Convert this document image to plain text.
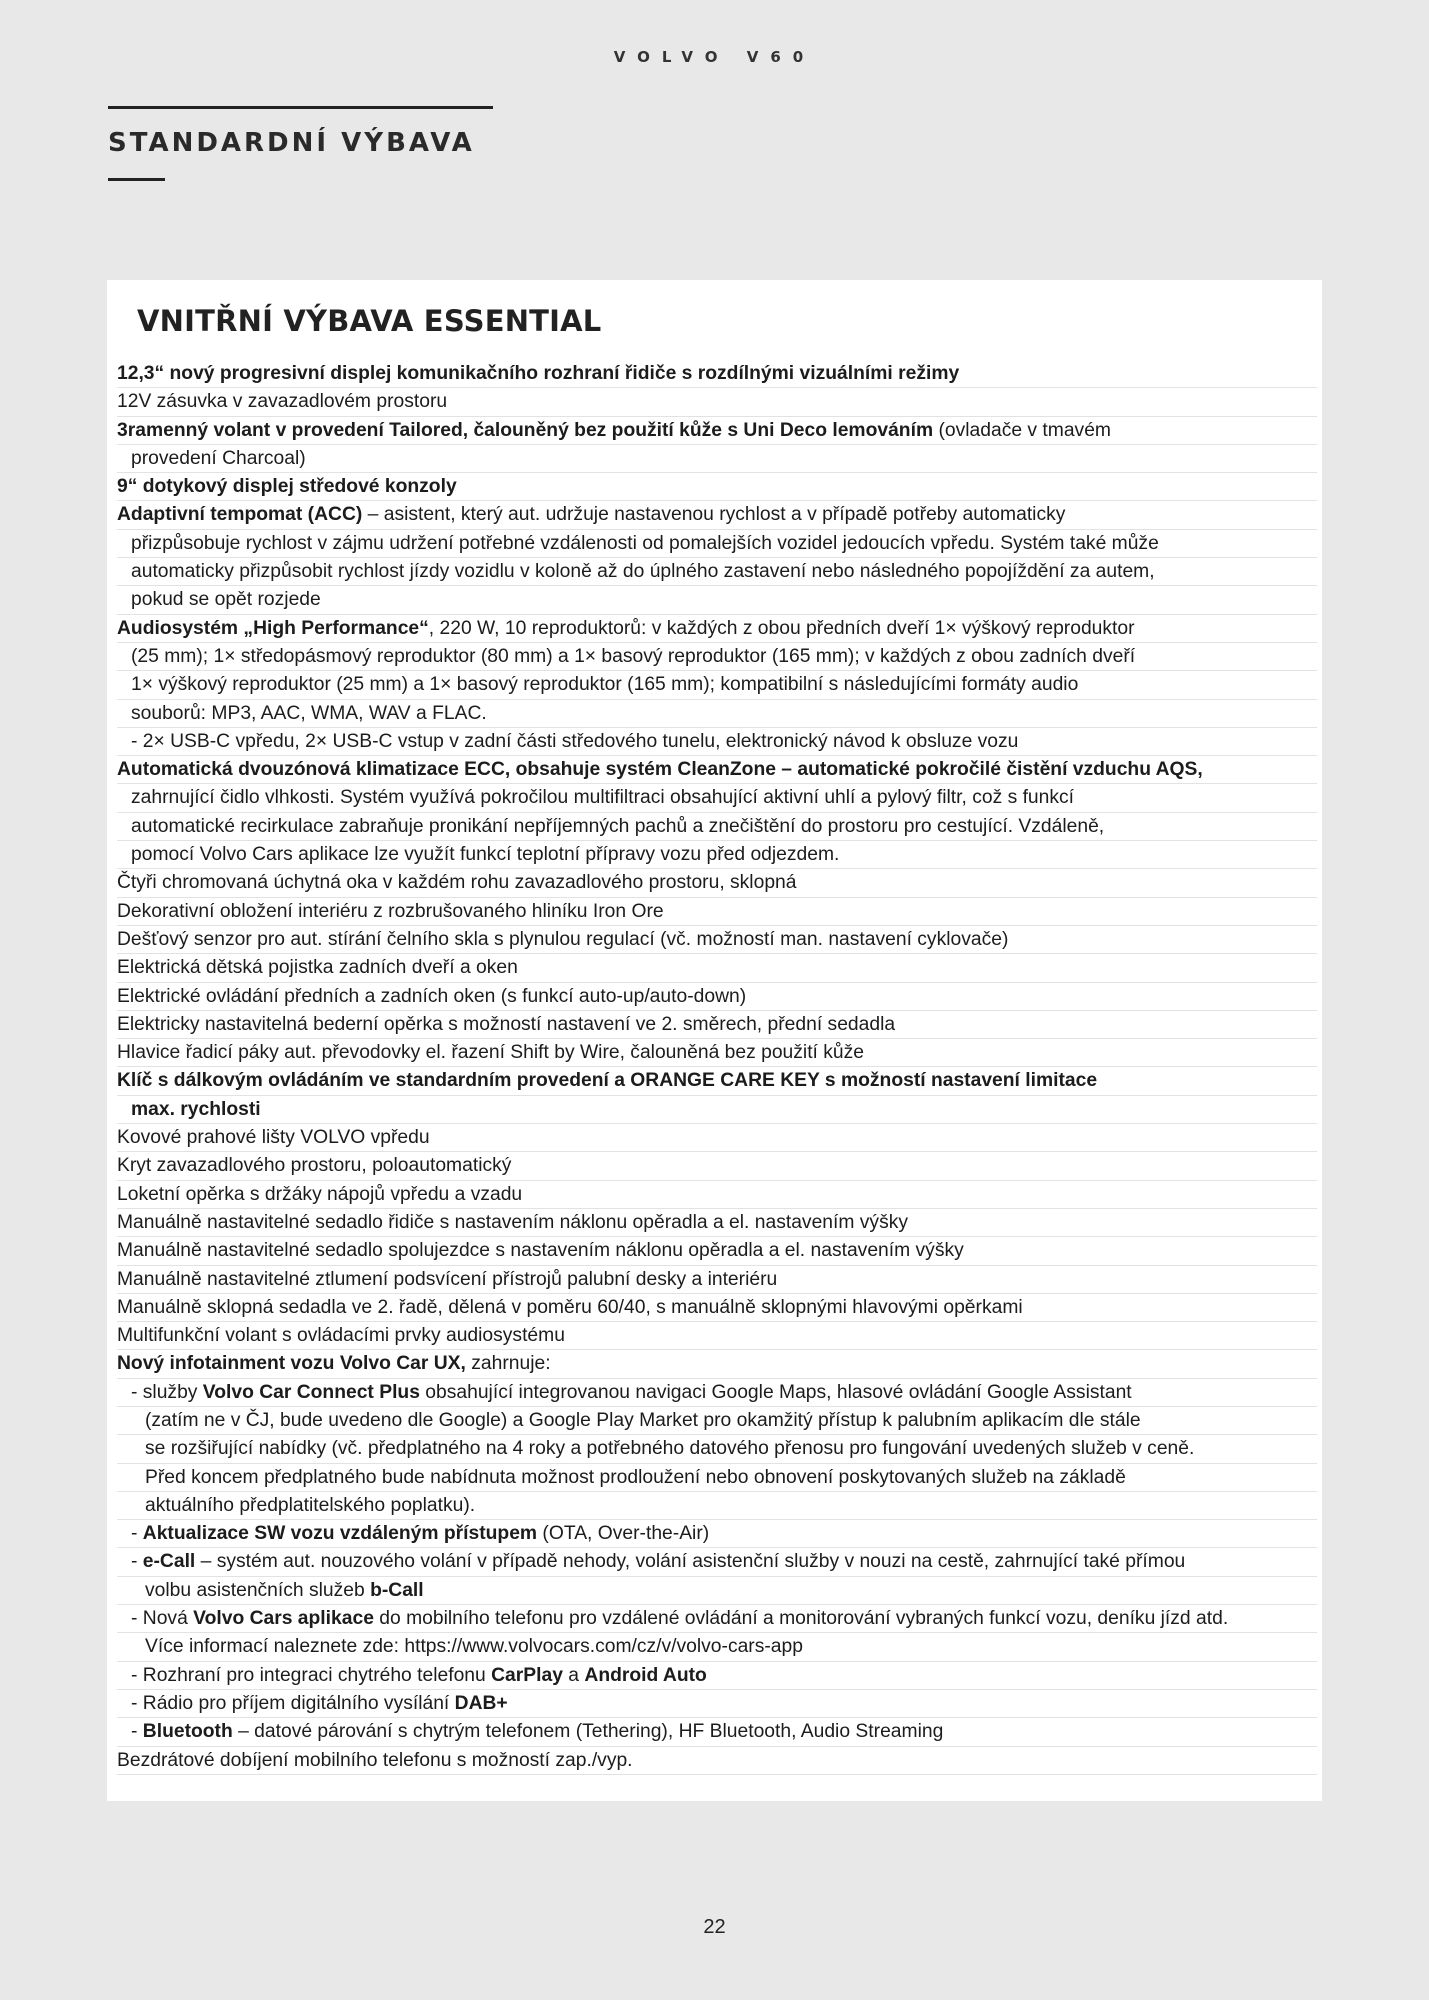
VOLVO V60
STANDARDNÍ VÝBAVA
VNITŘNÍ VÝBAVA ESSENTIAL
12,3“ nový progresivní displej komunikačního rozhraní řidiče s rozdílnými vizuálními režimy
12V zásuvka v zavazadlovém prostoru
3ramenný volant v provedení Tailored, čalouněný bez použití kůže s Uni Deco lemováním (ovladače v tmavém
provedení Charcoal)
9“ dotykový displej středové konzoly
Adaptivní tempomat (ACC) – asistent, který aut. udržuje nastavenou rychlost a v případě potřeby automaticky
přizpůsobuje rychlost v zájmu udržení potřebné vzdálenosti od pomalejších vozidel jedoucích vpředu. Systém také může
automaticky přizpůsobit rychlost jízdy vozidlu v koloně až do úplného zastavení nebo následného popojíždění za autem,
pokud se opět rozjede
Audiosystém „High Performance“, 220 W, 10 reproduktorů: v každých z obou předních dveří 1× výškový reproduktor
(25 mm); 1× středopásmový reproduktor (80 mm) a 1× basový reproduktor (165 mm); v každých z obou zadních dveří
1× výškový reproduktor (25 mm) a 1× basový reproduktor (165 mm); kompatibilní s následujícími formáty audio
souborů: MP3, AAC, WMA, WAV a FLAC.
- 2× USB-C vpředu, 2× USB-C vstup v zadní části středového tunelu, elektronický návod k obsluze vozu
Automatická dvouzónová klimatizace ECC, obsahuje systém CleanZone – automatické pokročilé čistění vzduchu AQS,
zahrnující čidlo vlhkosti. Systém využívá pokročilou multifiltraci obsahující aktivní uhlí a pylový filtr, což s funkcí
automatické recirkulace zabraňuje pronikání nepříjemných pachů a znečištění do prostoru pro cestující. Vzdáleně,
pomocí Volvo Cars aplikace lze využít funkcí teplotní přípravy vozu před odjezdem.
Čtyři chromovaná úchytná oka v každém rohu zavazadlového prostoru, sklopná
Dekorativní obložení interiéru z rozbrušovaného hliníku Iron Ore
Dešťový senzor pro aut. stírání čelního skla s plynulou regulací (vč. možností man. nastavení cyklovače)
Elektrická dětská pojistka zadních dveří a oken
Elektrické ovládání předních a zadních oken (s funkcí auto-up/auto-down)
Elektricky nastavitelná bederní opěrka s možností nastavení ve 2. směrech, přední sedadla
Hlavice řadicí páky aut. převodovky el. řazení Shift by Wire, čalouněná bez použití kůže
Klíč s dálkovým ovládáním ve standardním provedení a ORANGE CARE KEY s možností nastavení limitace
max. rychlosti
Kovové prahové lišty VOLVO vpředu
Kryt zavazadlového prostoru, poloautomatický
Loketní opěrka s držáky nápojů vpředu a vzadu
Manuálně nastavitelné sedadlo řidiče s nastavením náklonu opěradla a el. nastavením výšky
Manuálně nastavitelné sedadlo spolujezdce s nastavením náklonu opěradla a el. nastavením výšky
Manuálně nastavitelné ztlumení podsvícení přístrojů palubní desky a interiéru
Manuálně sklopná sedadla ve 2. řadě, dělená v poměru 60/40, s manuálně sklopnými hlavovými opěrkami
Multifunkční volant s ovládacími prvky audiosystému
Nový infotainment vozu Volvo Car UX, zahrnuje:
- služby Volvo Car Connect Plus obsahující integrovanou navigaci Google Maps, hlasové ovládání Google Assistant
(zatím ne v ČJ, bude uvedeno dle Google) a Google Play Market pro okamžitý přístup k palubním aplikacím dle stále
se rozšiřující nabídky (vč. předplatného na 4 roky a potřebného datového přenosu pro fungování uvedených služeb v ceně.
Před koncem předplatného bude nabídnuta možnost prodloužení nebo obnovení poskytovaných služeb na základě
aktuálního předplatitelského poplatku).
- Aktualizace SW vozu vzdáleným přístupem (OTA, Over-the-Air)
- e-Call – systém aut. nouzového volání v případě nehody, volání asistenční služby v nouzi na cestě, zahrnující také přímou
volbu asistenčních služeb b-Call
- Nová Volvo Cars aplikace do mobilního telefonu pro vzdálené ovládání a monitorování vybraných funkcí vozu, deníku jízd atd.
Více informací naleznete zde: https://www.volvocars.com/cz/v/volvo-cars-app
- Rozhraní pro integraci chytrého telefonu CarPlay a Android Auto
- Rádio pro příjem digitálního vysílání DAB+
- Bluetooth – datové párování s chytrým telefonem (Tethering), HF Bluetooth, Audio Streaming
Bezdrátové dobíjení mobilního telefonu s možností zap./vyp.
22
